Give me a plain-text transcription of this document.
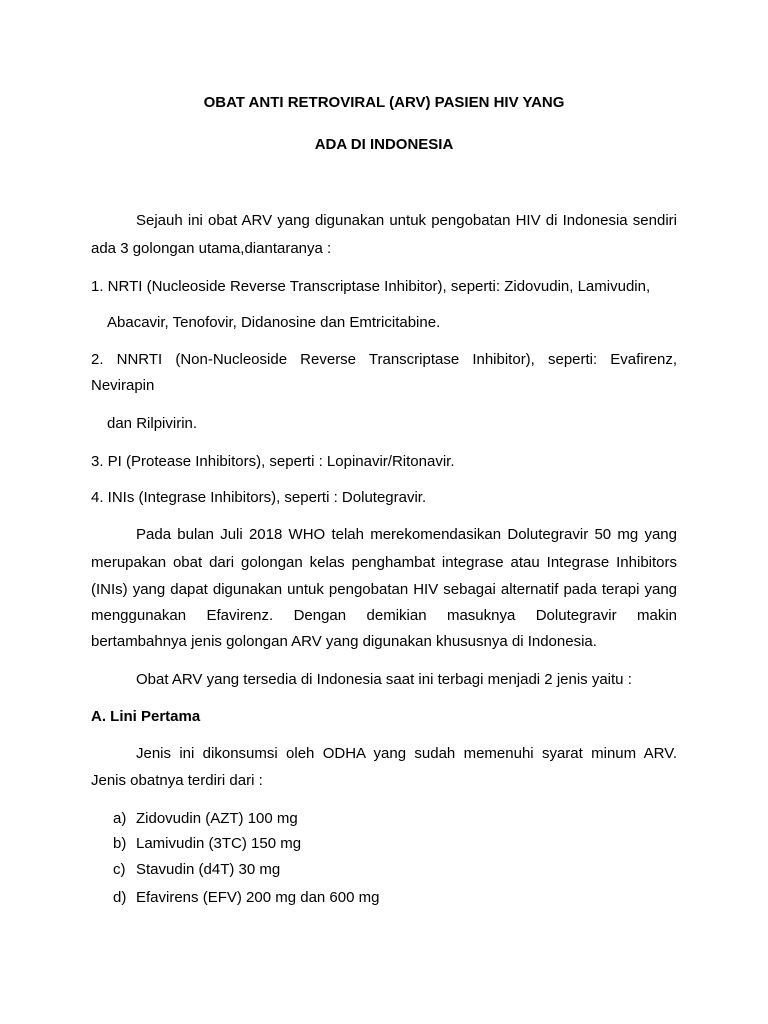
OBAT ANTI RETROVIRAL (ARV) PASIEN HIV YANG

ADA DI INDONESIA

Sejauh ini obat ARV yang digunakan untuk pengobatan HIV di Indonesia sendiri

ada 3 golongan utama,diantaranya :

1. NRTI (Nucleoside Reverse Transcriptase Inhibitor), seperti: Zidovudin, Lamivudin,

Abacavir, Tenofovir, Didanosine dan Emtricitabine.

2. NNRTI (Non-Nucleoside Reverse Transcriptase Inhibitor), seperti: Evafirenz,

Nevirapin

dan Rilpivirin.

3. PI (Protease Inhibitors), seperti : Lopinavir/Ritonavir.

4. INIs (Integrase Inhibitors), seperti : Dolutegravir.

Pada bulan Juli 2018 WHO telah merekomendasikan Dolutegravir 50 mg yang

merupakan obat dari golongan kelas penghambat integrase atau Integrase Inhibitors

(INIs) yang dapat digunakan untuk pengobatan HIV sebagai alternatif pada terapi yang

menggunakan Efavirenz. Dengan demikian masuknya Dolutegravir makin

bertambahnya jenis golongan ARV yang digunakan khususnya di Indonesia.

Obat ARV yang tersedia di Indonesia saat ini terbagi menjadi 2 jenis yaitu :

A. Lini Pertama

Jenis ini dikonsumsi oleh ODHA yang sudah memenuhi syarat minum ARV.

Jenis obatnya terdiri dari :

a) Zidovudin (AZT) 100 mg

b) Lamivudin (3TC) 150 mg

c) Stavudin (d4T) 30 mg

d) Efavirens (EFV) 200 mg dan 600 mg
